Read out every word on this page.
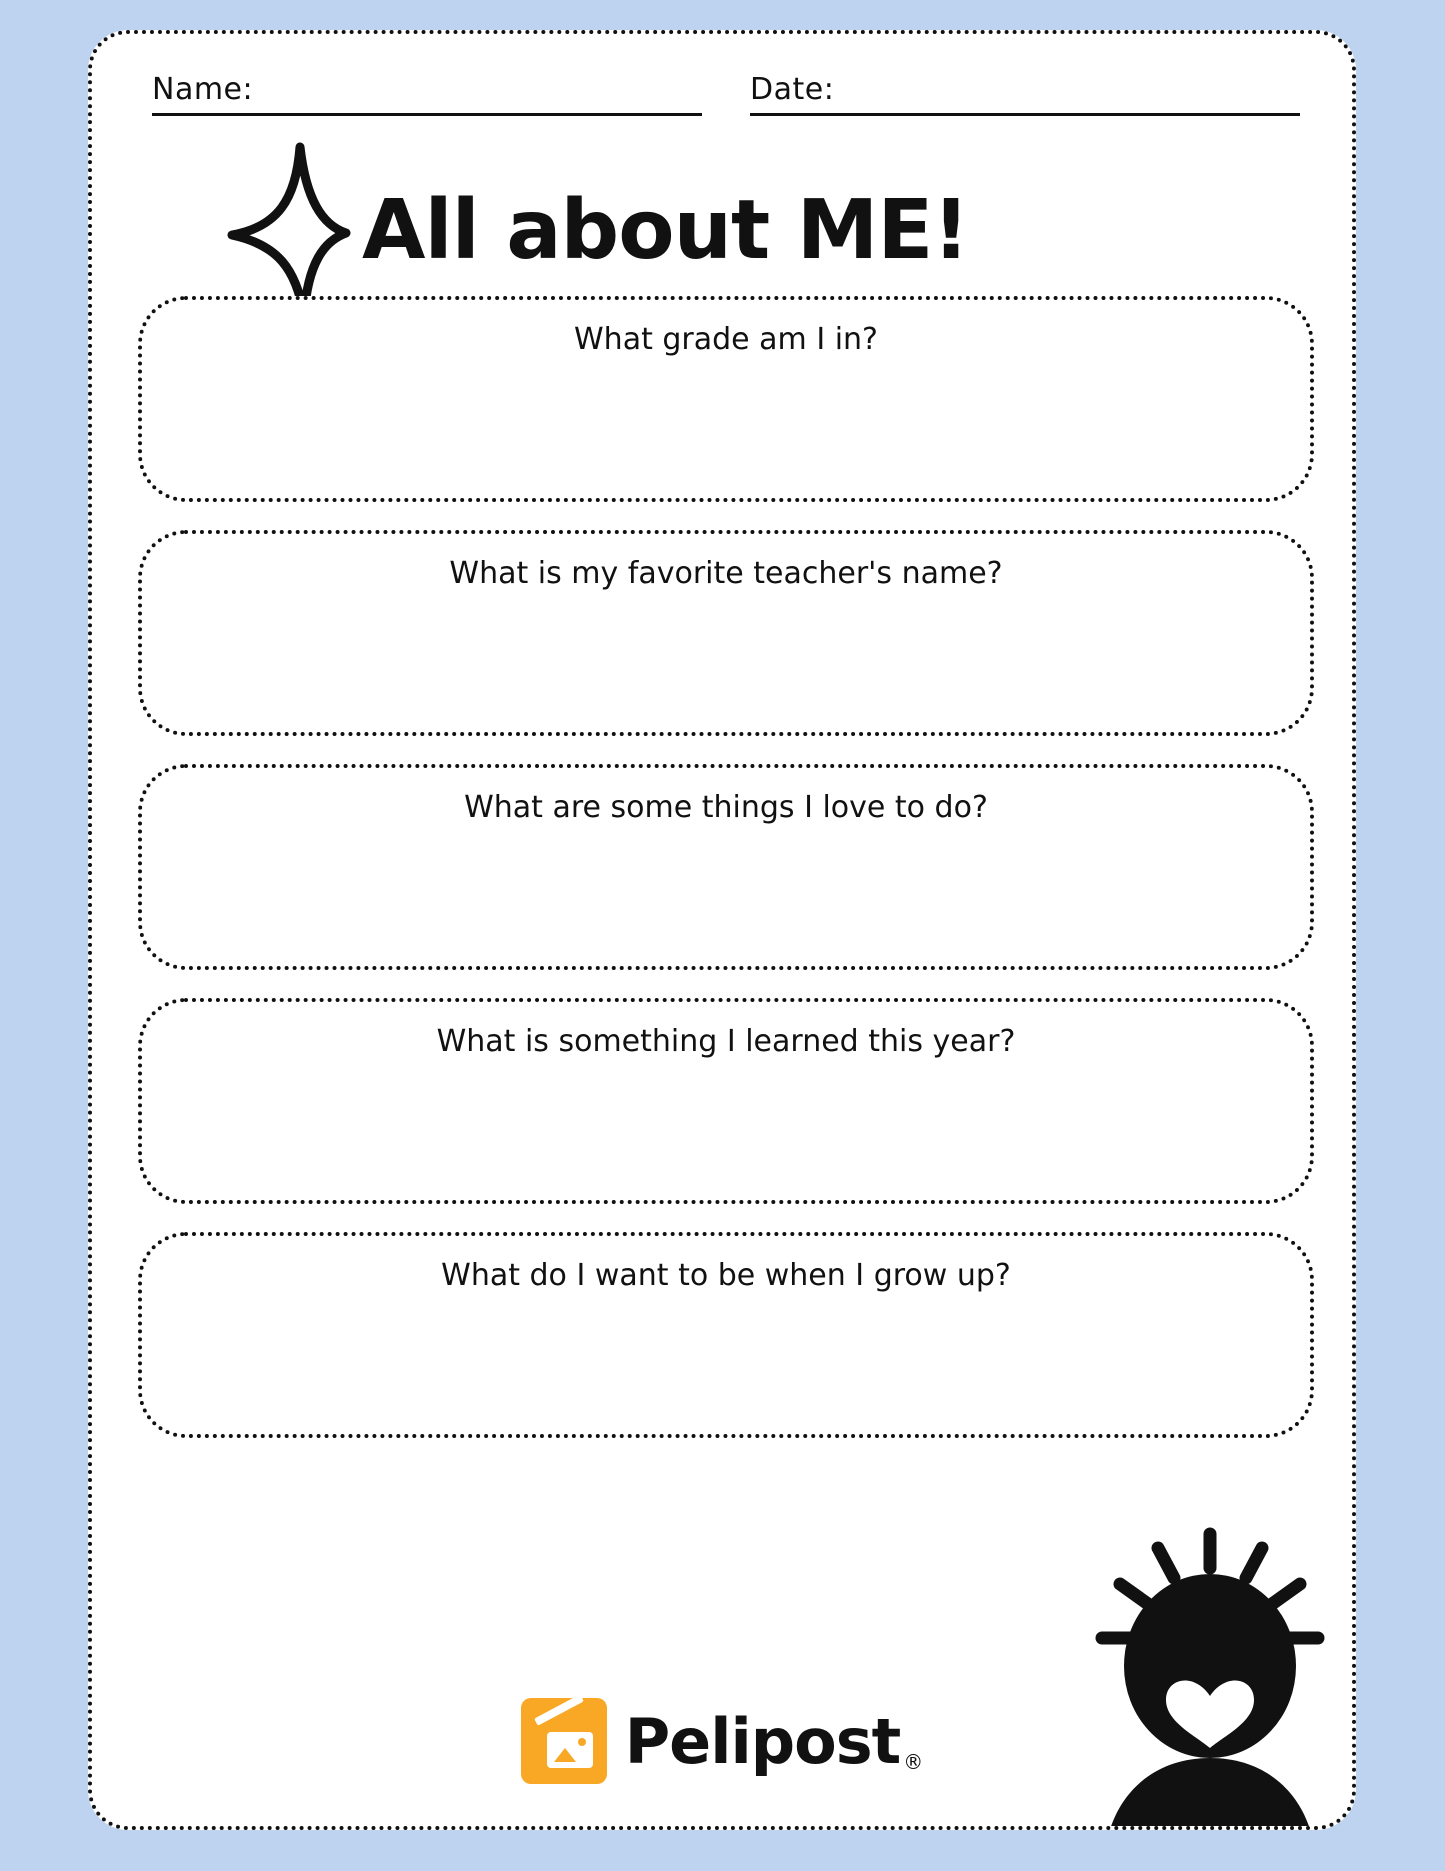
Name:	Date:
All about ME!
What grade am I in?
What is my favorite teacher's name?
What are some things I love to do?
What is something I learned this year?
What do I want to be when I grow up?
Pelipost ®
